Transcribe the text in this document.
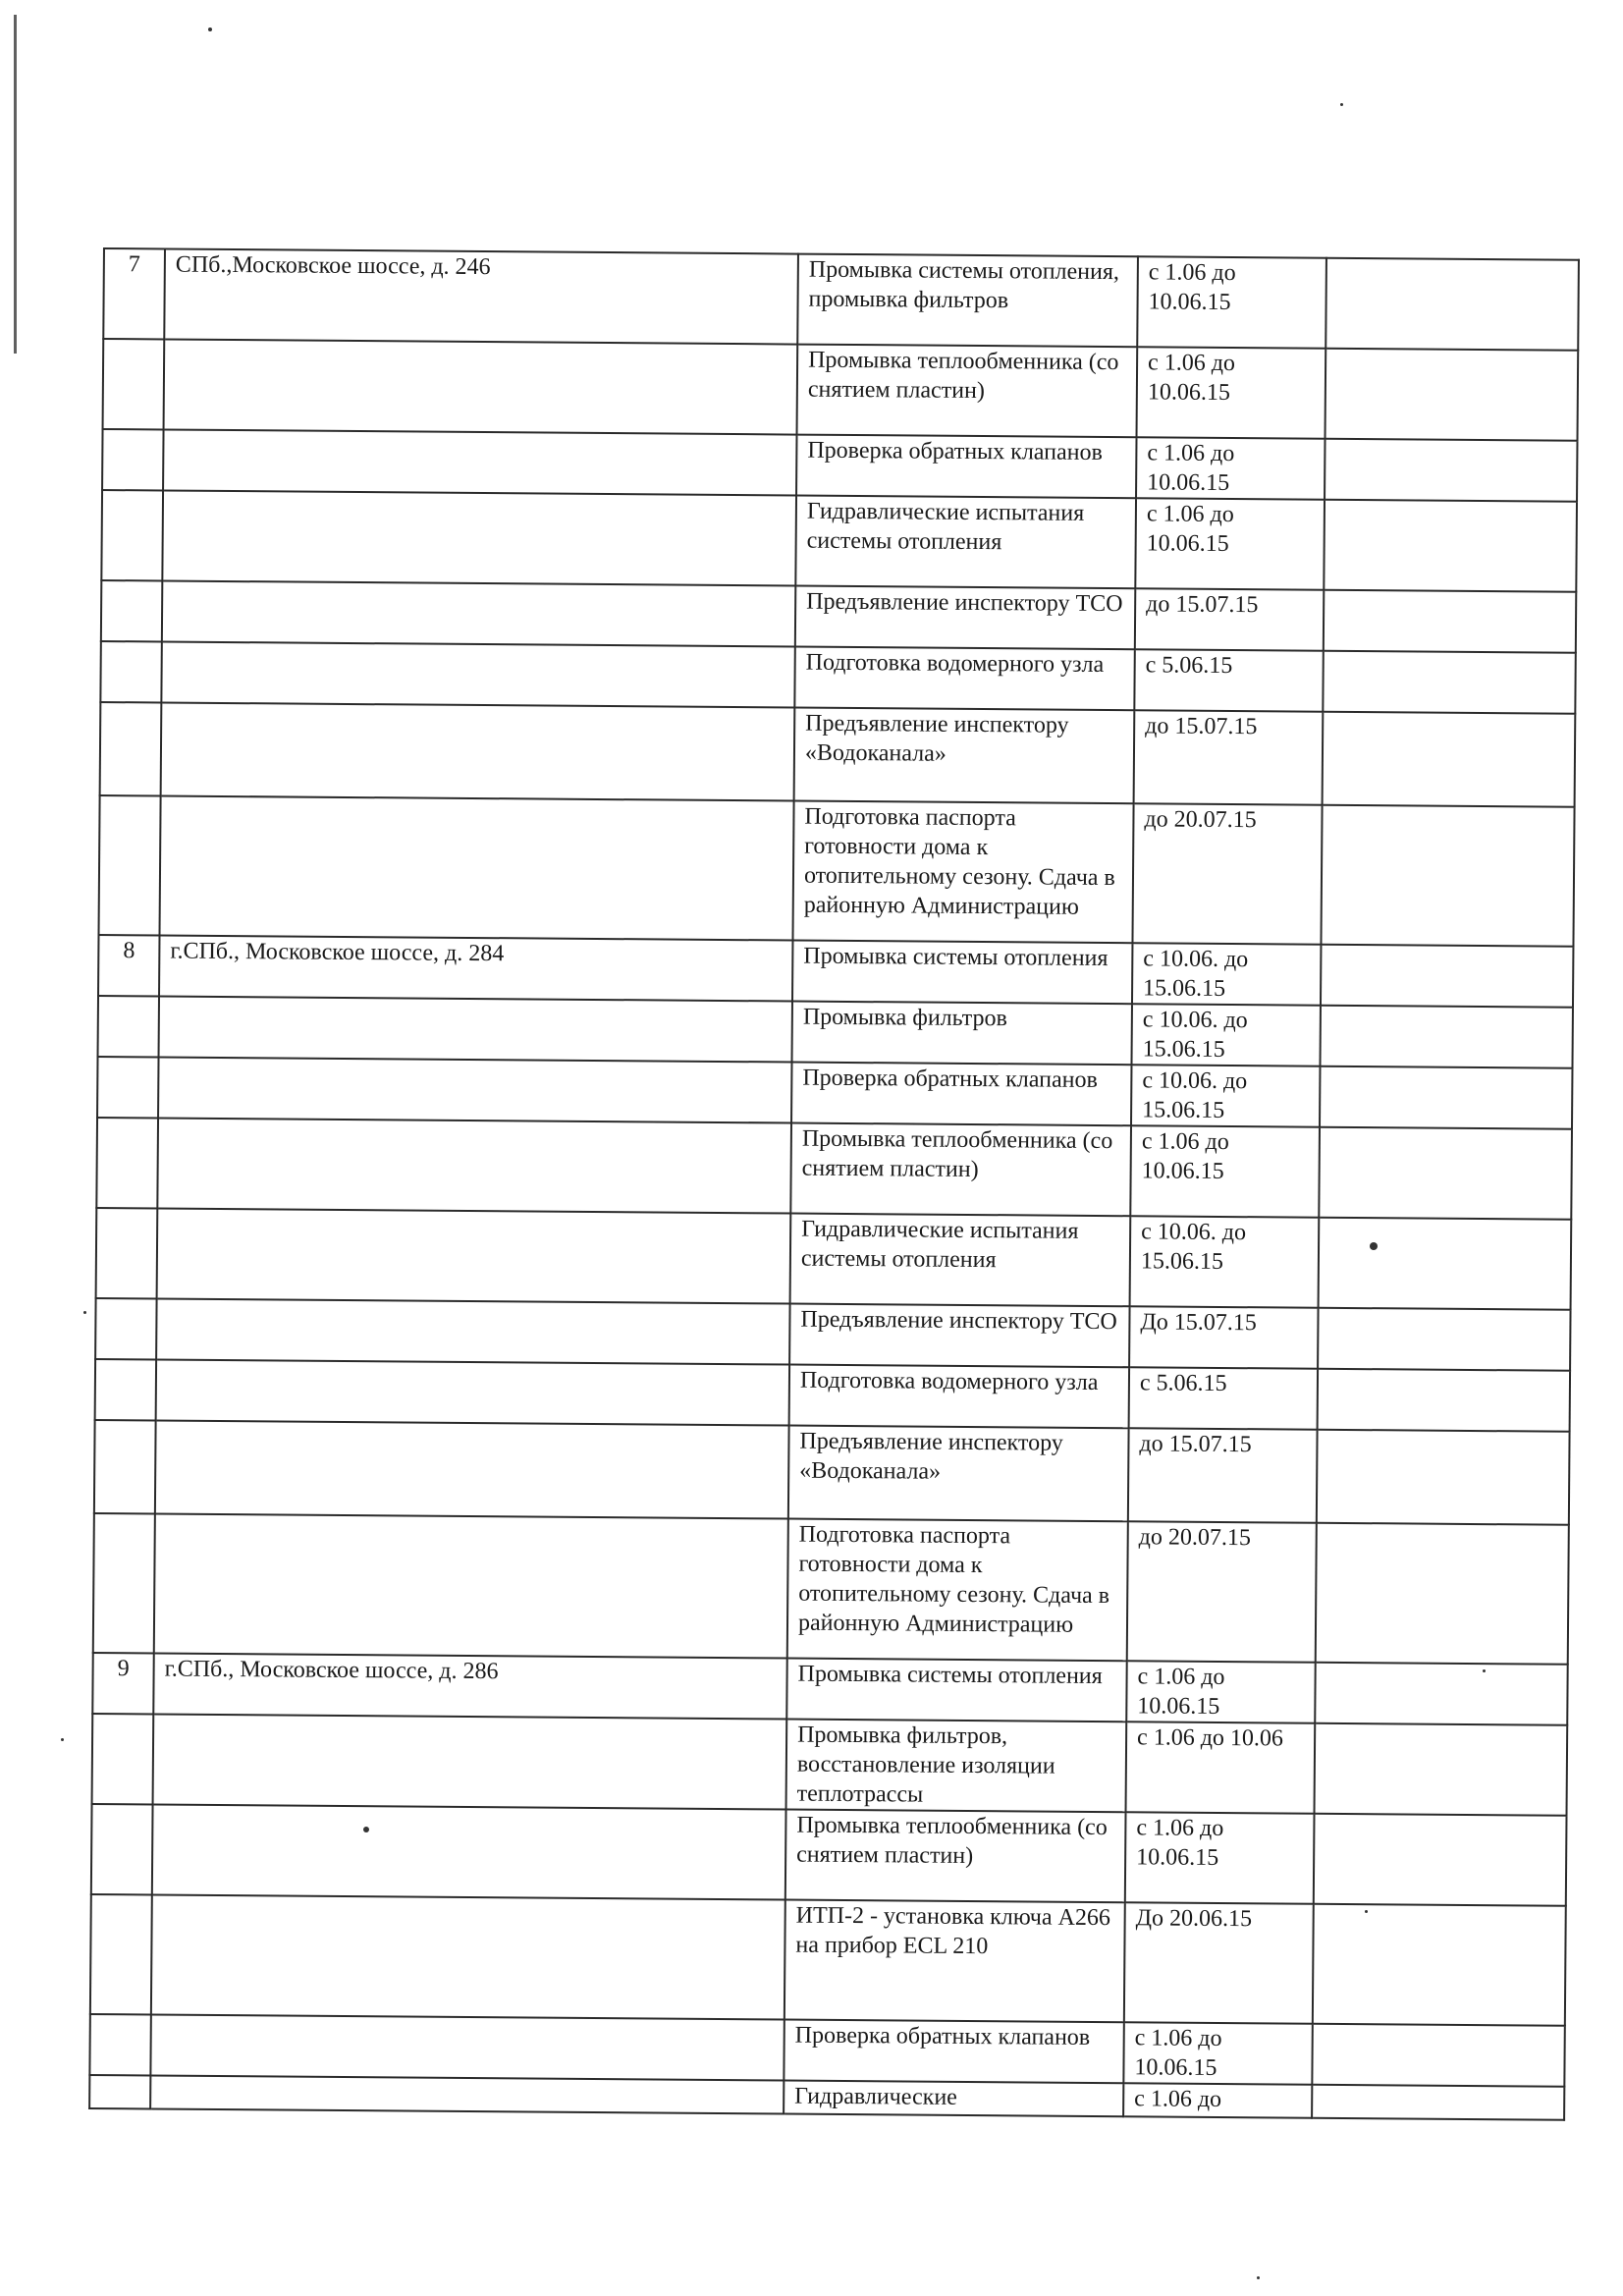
7	СПб.,Московское шоссе, д. 246	Промывка системы отопления, промывка фильтров	с 1.06 до 10.06.15	
		Промывка теплообменника (со снятием пластин)	с 1.06 до 10.06.15	
		Проверка обратных клапанов	с 1.06 до 10.06.15	
		Гидравлические испытания системы отопления	с 1.06 до 10.06.15	
		Предъявление инспектору ТСО	до 15.07.15	
		Подготовка водомерного узла	с 5.06.15	
		Предъявление инспектору «Водоканала»	до 15.07.15	
		Подготовка паспорта готовности дома к отопительному сезону. Сдача в районную Администрацию	до 20.07.15	
8	г.СПб., Московское шоссе, д. 284	Промывка системы отопления	с 10.06. до 15.06.15	
		Промывка фильтров	с 10.06. до 15.06.15	
		Проверка обратных клапанов	с 10.06. до 15.06.15	
		Промывка теплообменника (со снятием пластин)	с 1.06 до 10.06.15	
		Гидравлические испытания системы отопления	с 10.06. до 15.06.15	
		Предъявление инспектору ТСО	До 15.07.15	
		Подготовка водомерного узла	с 5.06.15	
		Предъявление инспектору «Водоканала»	до 15.07.15	
		Подготовка паспорта готовности дома к отопительному сезону. Сдача в районную Администрацию	до 20.07.15	
9	г.СПб., Московское шоссе, д. 286	Промывка системы отопления	с 1.06 до 10.06.15	
		Промывка фильтров, восстановление изоляции теплотрассы	с 1.06 до 10.06	
		Промывка теплообменника (со снятием пластин)	с 1.06 до 10.06.15	
		ИТП-2 - установка ключа А266 на прибор ECL 210	До 20.06.15	
		Проверка обратных клапанов	с 1.06 до 10.06.15	
		Гидравлические	с 1.06 до	
